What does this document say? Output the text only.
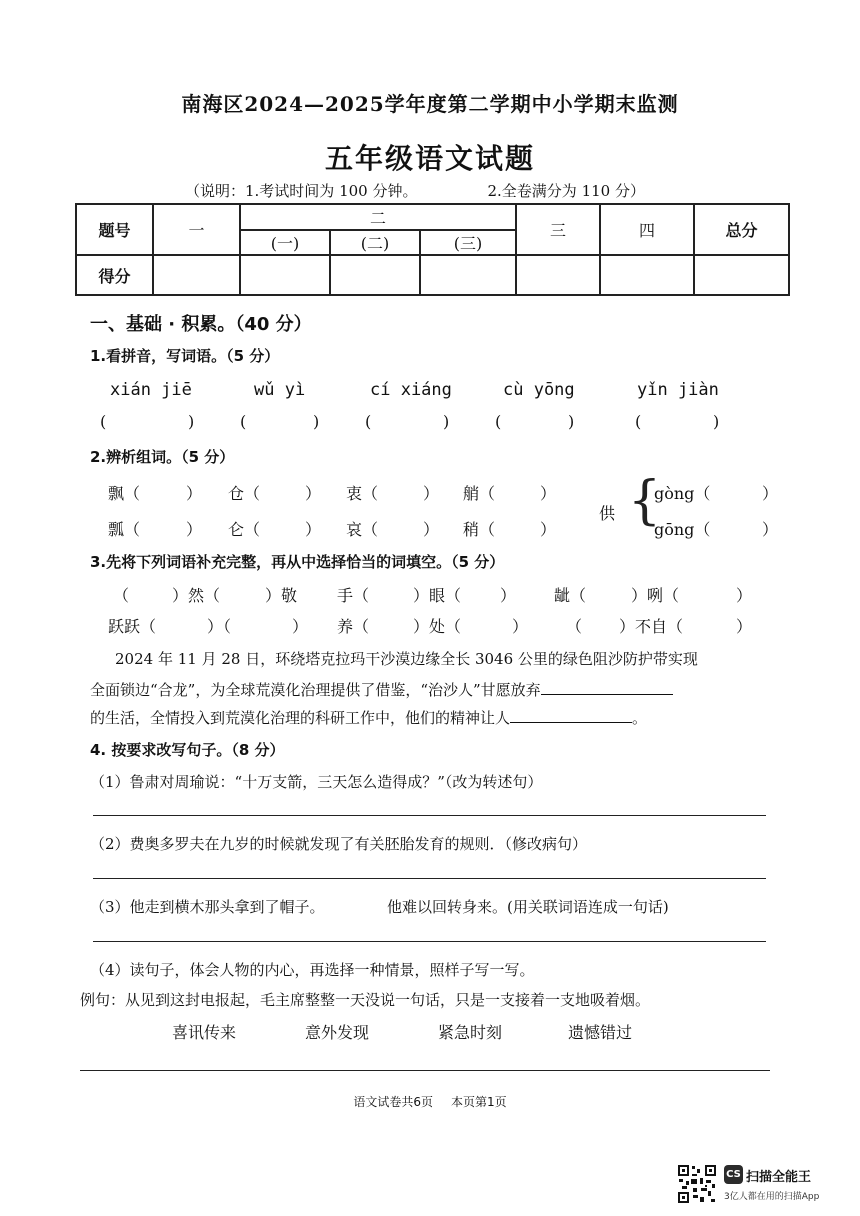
南海区2024—2025学年度第二学期中小学期末监测
五年级语文试题
（说明：1.考试时间为 100 分钟。	2.全卷满分为 110 分）
题号	一	二			三	四	总分
		(一)	(二)	(三)			
得分							
一、基础 · 积累。（40 分）
1.看拼音，写词语。（5 分）
xián jiē	wǔ yì	cí xiáng	cù yōng	yǐn jiàn
(	)	(	)	(	)	(	)	(	)
2.辨析组词。（5 分）
飘（	） 仓（	） 衷（	） 艄（	）
瓢（	） 仑（	） 哀（	） 稍（	）
供 {
gòng（	）
gōng（	）
3.先将下列词语补充完整，再从中选择恰当的词填空。（5 分）
（	）然（	）敬 手（	）眼（ ） 龇（	）咧（	）
跃跃（	）（	） 养（	）处（	） （ ）不自（	）
2024 年 11 月 28 日，环绕塔克拉玛干沙漠边缘全长 3046 公里的绿色阻沙防护带实现
全面锁边“合龙”，为全球荒漠化治理提供了借鉴，“治沙人”甘愿放弃
的生活，全情投入到荒漠化治理的科研工作中，他们的精神让人	。
4. 按要求改写句子。（8 分）
（1）鲁肃对周瑜说：“十万支箭，三天怎么造得成？”（改为转述句）
（2）费奥多罗夫在九岁的时候就发现了有关胚胎发育的规则．（修改病句）
（3）他走到横木那头拿到了帽子。	他难以回转身来。(用关联词语连成一句话)
（4）读句子，体会人物的内心，再选择一种情景，照样子写一写。
例句：从见到这封电报起，毛主席整整一天没说一句话，只是一支接着一支地吸着烟。
喜讯传来	意外发现	紧急时刻	遗憾错过
语文试卷共6页 本页第1页
CS 扫描全能王
3亿人都在用的扫描App
